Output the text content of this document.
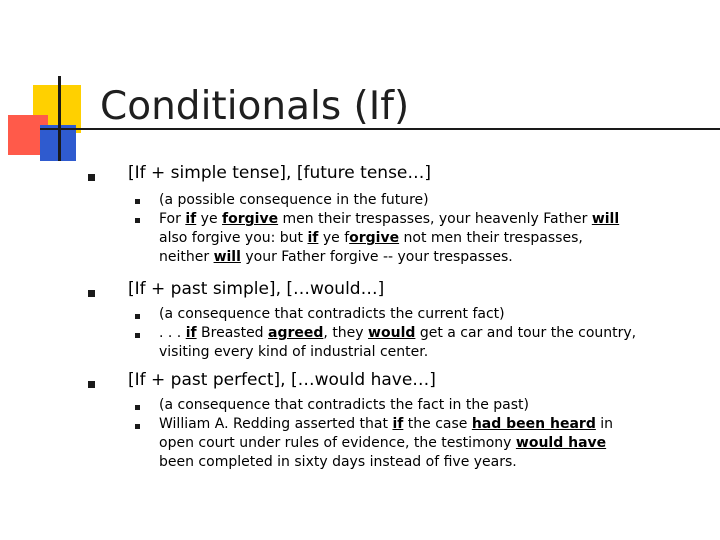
Conditionals (If)
[If + simple tense], [future tense…]
(a possible consequence in the future)
For if ye forgive men their trespasses, your heavenly Father will
also forgive you: but if ye forgive not men their trespasses,
neither will your Father forgive -- your trespasses.
[If + past simple], […would…]
(a consequence that contradicts the current fact)
. . . if Breasted agreed, they would get a car and tour the country,
visiting every kind of industrial center.
[If + past perfect], […would have…]
(a consequence that contradicts the fact in the past)
William A. Redding asserted that if the case had been heard in
open court under rules of evidence, the testimony would have
been completed in sixty days instead of five years.
